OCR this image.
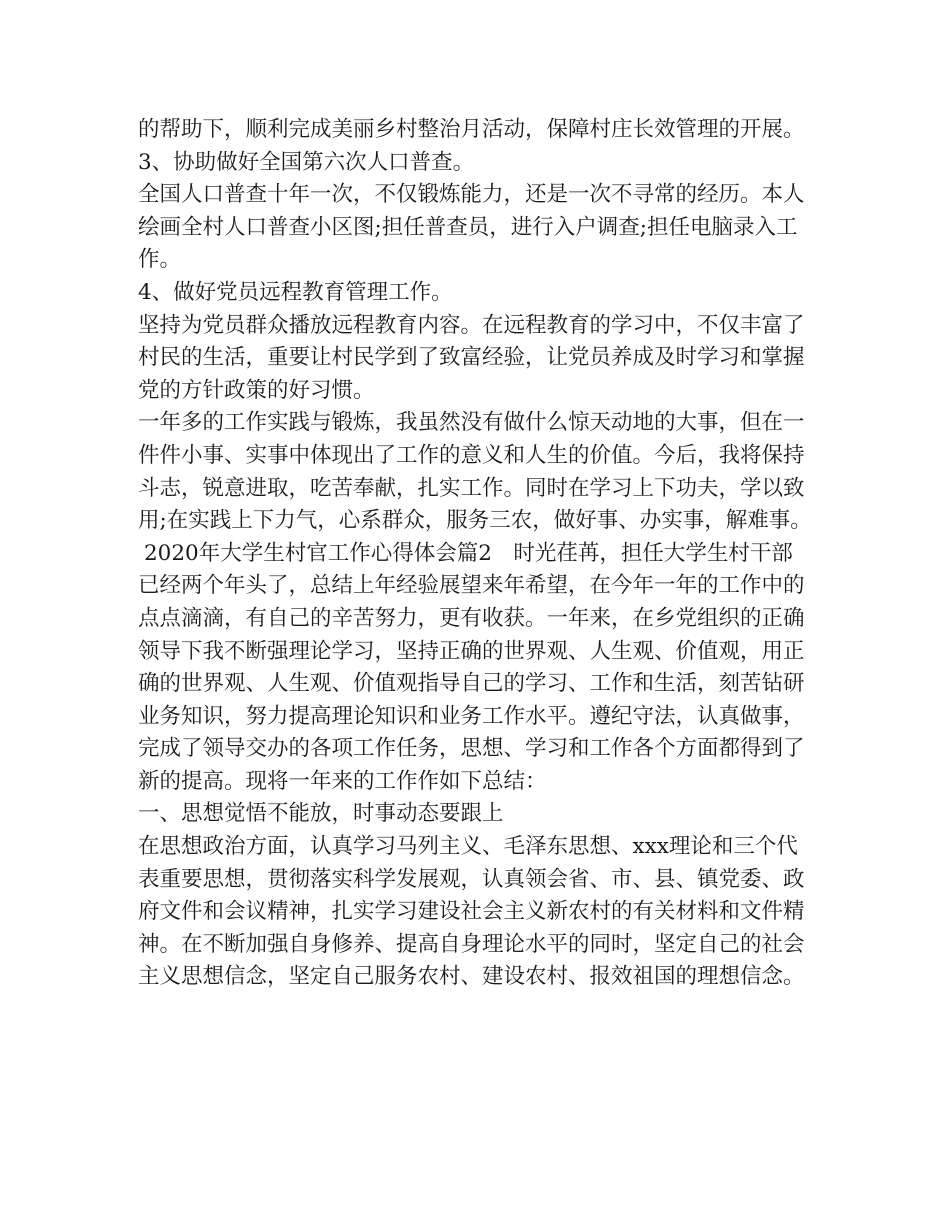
的帮助下，顺利完成美丽乡村整治月活动，保障村庄长效管理的开展。
3、协助做好全国第六次人口普查。
全国人口普查十年一次，不仅锻炼能力，还是一次不寻常的经历。本人
绘画全村人口普查小区图;担任普查员，进行入户调查;担任电脑录入工
作。
4、做好党员远程教育管理工作。
坚持为党员群众播放远程教育内容。在远程教育的学习中，不仅丰富了
村民的生活，重要让村民学到了致富经验，让党员养成及时学习和掌握
党的方针政策的好习惯。
一年多的工作实践与锻炼，我虽然没有做什么惊天动地的大事，但在一
件件小事、实事中体现出了工作的意义和人生的价值。今后，我将保持
斗志，锐意进取，吃苦奉献，扎实工作。同时在学习上下功夫，学以致
用;在实践上下力气，心系群众，服务三农，做好事、办实事，解难事。
2020年大学生村官工作心得体会篇2　时光荏苒，担任大学生村干部
已经两个年头了，总结上年经验展望来年希望，在今年一年的工作中的
点点滴滴，有自己的辛苦努力，更有收获。一年来，在乡党组织的正确
领导下我不断强理论学习，坚持正确的世界观、人生观、价值观，用正
确的世界观、人生观、价值观指导自己的学习、工作和生活，刻苦钻研
业务知识，努力提高理论知识和业务工作水平。遵纪守法，认真做事，
完成了领导交办的各项工作任务，思想、学习和工作各个方面都得到了
新的提高。现将一年来的工作作如下总结：
一、思想觉悟不能放，时事动态要跟上
在思想政治方面，认真学习马列主义、毛泽东思想、xxx理论和三个代
表重要思想，贯彻落实科学发展观，认真领会省、市、县、镇党委、政
府文件和会议精神，扎实学习建设社会主义新农村的有关材料和文件精
神。在不断加强自身修养、提高自身理论水平的同时，坚定自己的社会
主义思想信念，坚定自己服务农村、建设农村、报效祖国的理想信念。
